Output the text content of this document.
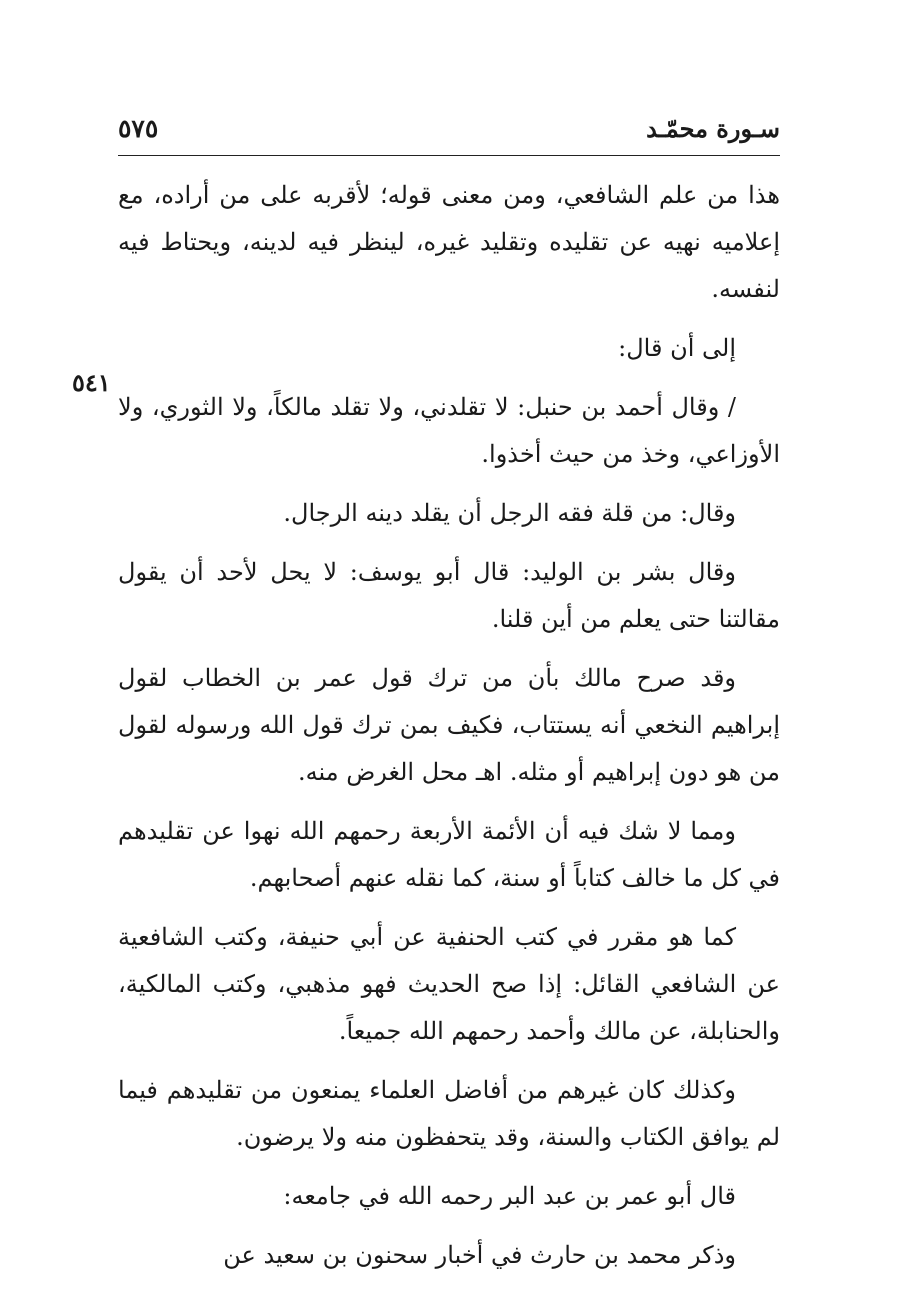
سـورة محمّـد
٥٧٥
٥٤١

هذا من علم الشافعي، ومن معنى قوله؛ لأقربه على من أراده، مع إعلاميه نهيه عن تقليده وتقليد غيره، لينظر فيه لدينه، ويحتاط فيه لنفسه.

إلى أن قال:

/ وقال أحمد بن حنبل: لا تقلدني، ولا تقلد مالكاً، ولا الثوري، ولا الأوزاعي، وخذ من حيث أخذوا.

وقال: من قلة فقه الرجل أن يقلد دينه الرجال.

وقال بشر بن الوليد: قال أبو يوسف: لا يحل لأحد أن يقول مقالتنا حتى يعلم من أين قلنا.

وقد صرح مالك بأن من ترك قول عمر بن الخطاب لقول إبراهيم النخعي أنه يستتاب، فكيف بمن ترك قول الله ورسوله لقول من هو دون إبراهيم أو مثله. اهـ محل الغرض منه.

ومما لا شك فيه أن الأئمة الأربعة رحمهم الله نهوا عن تقليدهم في كل ما خالف كتاباً أو سنة، كما نقله عنهم أصحابهم.

كما هو مقرر في كتب الحنفية عن أبي حنيفة، وكتب الشافعية عن الشافعي القائل: إذا صح الحديث فهو مذهبي، وكتب المالكية، والحنابلة، عن مالك وأحمد رحمهم الله جميعاً.

وكذلك كان غيرهم من أفاضل العلماء يمنعون من تقليدهم فيما لم يوافق الكتاب والسنة، وقد يتحفظون منه ولا يرضون.

قال أبو عمر بن عبد البر رحمه الله في جامعه:

وذكر محمد بن حارث في أخبار سحنون بن سعيد عن
